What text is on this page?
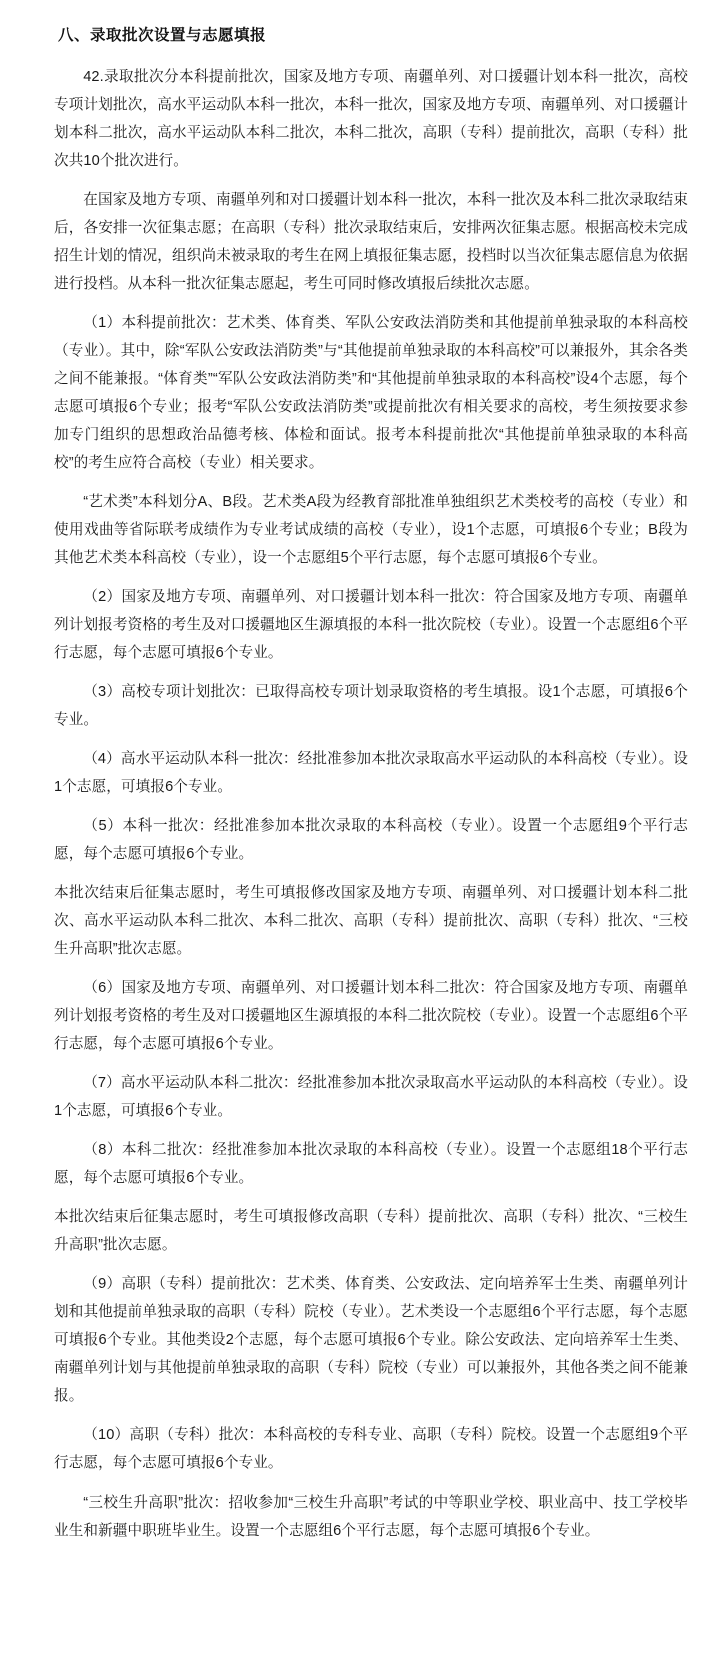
八、录取批次设置与志愿填报

42.录取批次分本科提前批次，国家及地方专项、南疆单列、对口援疆计划本科一批次，高校专项计划批次，高水平运动队本科一批次，本科一批次，国家及地方专项、南疆单列、对口援疆计划本科二批次，高水平运动队本科二批次，本科二批次，高职（专科）提前批次，高职（专科）批次共10个批次进行。

在国家及地方专项、南疆单列和对口援疆计划本科一批次，本科一批次及本科二批次录取结束后，各安排一次征集志愿；在高职（专科）批次录取结束后，安排两次征集志愿。根据高校未完成招生计划的情况，组织尚未被录取的考生在网上填报征集志愿，投档时以当次征集志愿信息为依据进行投档。从本科一批次征集志愿起，考生可同时修改填报后续批次志愿。

（1）本科提前批次：艺术类、体育类、军队公安政法消防类和其他提前单独录取的本科高校（专业）。其中，除“军队公安政法消防类”与“其他提前单独录取的本科高校”可以兼报外，其余各类之间不能兼报。“体育类”“军队公安政法消防类”和“其他提前单独录取的本科高校”设4个志愿，每个志愿可填报6个专业；报考“军队公安政法消防类”或提前批次有相关要求的高校，考生须按要求参加专门组织的思想政治品德考核、体检和面试。报考本科提前批次“其他提前单独录取的本科高校”的考生应符合高校（专业）相关要求。

“艺术类”本科划分A、B段。艺术类A段为经教育部批准单独组织艺术类校考的高校（专业）和使用戏曲等省际联考成绩作为专业考试成绩的高校（专业），设1个志愿，可填报6个专业；B段为其他艺术类本科高校（专业），设一个志愿组5个平行志愿，每个志愿可填报6个专业。

（2）国家及地方专项、南疆单列、对口援疆计划本科一批次：符合国家及地方专项、南疆单列计划报考资格的考生及对口援疆地区生源填报的本科一批次院校（专业）。设置一个志愿组6个平行志愿，每个志愿可填报6个专业。

（3）高校专项计划批次：已取得高校专项计划录取资格的考生填报。设1个志愿，可填报6个专业。

（4）高水平运动队本科一批次：经批准参加本批次录取高水平运动队的本科高校（专业）。设1个志愿，可填报6个专业。

（5）本科一批次：经批准参加本批次录取的本科高校（专业）。设置一个志愿组9个平行志愿，每个志愿可填报6个专业。

本批次结束后征集志愿时，考生可填报修改国家及地方专项、南疆单列、对口援疆计划本科二批次、高水平运动队本科二批次、本科二批次、高职（专科）提前批次、高职（专科）批次、“三校生升高职”批次志愿。

（6）国家及地方专项、南疆单列、对口援疆计划本科二批次：符合国家及地方专项、南疆单列计划报考资格的考生及对口援疆地区生源填报的本科二批次院校（专业）。设置一个志愿组6个平行志愿，每个志愿可填报6个专业。

（7）高水平运动队本科二批次：经批准参加本批次录取高水平运动队的本科高校（专业）。设1个志愿，可填报6个专业。

（8）本科二批次：经批准参加本批次录取的本科高校（专业）。设置一个志愿组18个平行志愿，每个志愿可填报6个专业。

本批次结束后征集志愿时，考生可填报修改高职（专科）提前批次、高职（专科）批次、“三校生升高职”批次志愿。

（9）高职（专科）提前批次：艺术类、体育类、公安政法、定向培养军士生类、南疆单列计划和其他提前单独录取的高职（专科）院校（专业）。艺术类设一个志愿组6个平行志愿，每个志愿可填报6个专业。其他类设2个志愿，每个志愿可填报6个专业。除公安政法、定向培养军士生类、南疆单列计划与其他提前单独录取的高职（专科）院校（专业）可以兼报外，其他各类之间不能兼报。

（10）高职（专科）批次：本科高校的专科专业、高职（专科）院校。设置一个志愿组9个平行志愿，每个志愿可填报6个专业。

“三校生升高职”批次：招收参加“三校生升高职”考试的中等职业学校、职业高中、技工学校毕业生和新疆中职班毕业生。设置一个志愿组6个平行志愿，每个志愿可填报6个专业。
